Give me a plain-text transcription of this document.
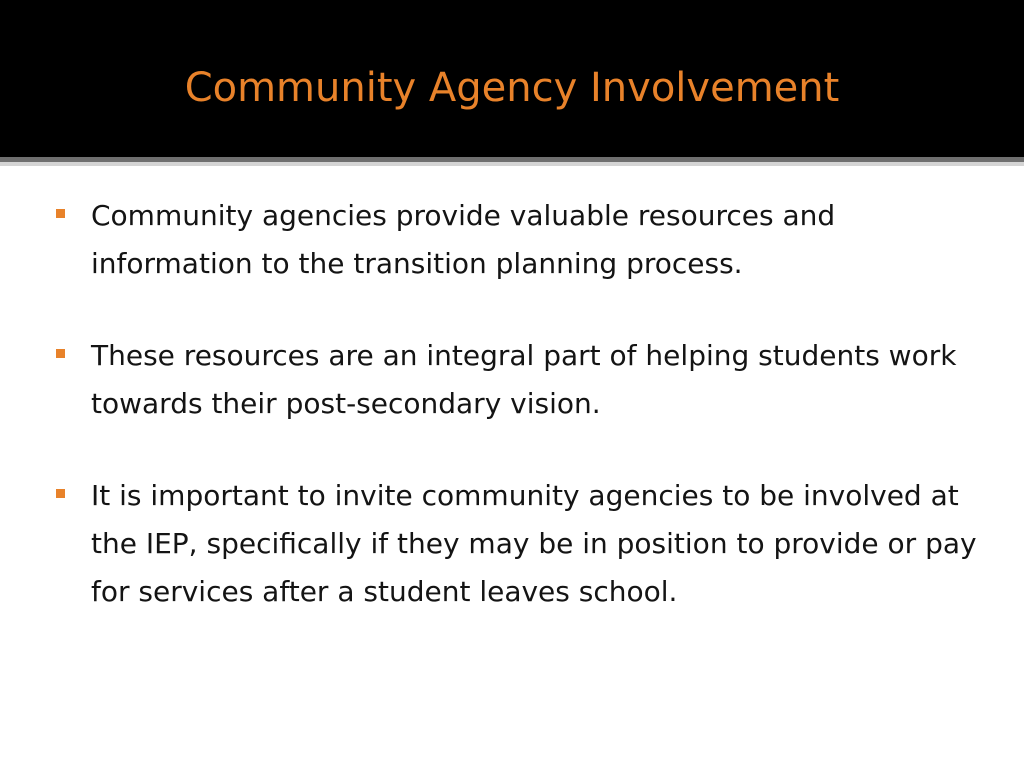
Community Agency Involvement
Community agencies provide valuable resources and information to the transition planning process.
These resources are an integral part of helping students work towards their post-secondary vision.
It is important to invite community agencies to be involved at the IEP, specifically if they may be in position to provide or pay for services after a student leaves school.
